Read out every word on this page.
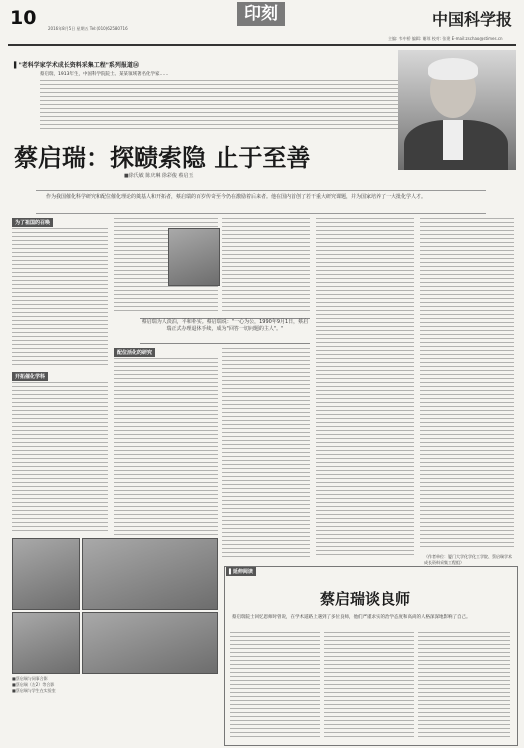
10	2016年8月5日 星期五 Tel:(010)62580716
印刻	中国科学报
主编: 韦中桥 编辑: 谢琼 校对: 张建 E-mail:zschao@stimes.cn
▌"老科学家学术成长资料采集工程"系列报道⑭
蔡启瑞，1913年生，中国科学院院士。某某领域著名化学家……
蔡启瑞：探赜索隐 止于至善
■徐氏敏 陈庆琳 徐彩俊 蔡启玉
作为我国催化科学研究和配位催化理论的奠基人和开拓者，蔡启瑞的百岁传奇至今仍在激励着后来者。他在国内首创了若干重大研究课题，并为国家培养了一大批化学人才。
为了祖国的召唤
开拓催化学科
配位活化的研究
蔡启瑞为人淡泊，平和朴实。蔡启瑞说："一心为公，1990年9月1日，蔡启瑞正式办理退休手续，成为"回答一切问题的主人"。"
（作者单位：厦门大学化学化工学院、蔡启瑞学术成长资料采集工程组）
■蔡启瑞与同事合影
■蔡启瑞（左2）等合影
■蔡启瑞与学生在实验室
▌延伸阅读
蔡启瑞谈良师
蔡启瑞院士回忆恩师时曾说，在学术道路上遇到了多位良师，他们严谨求实的治学态度和高尚的人格深深地影响了自己。
